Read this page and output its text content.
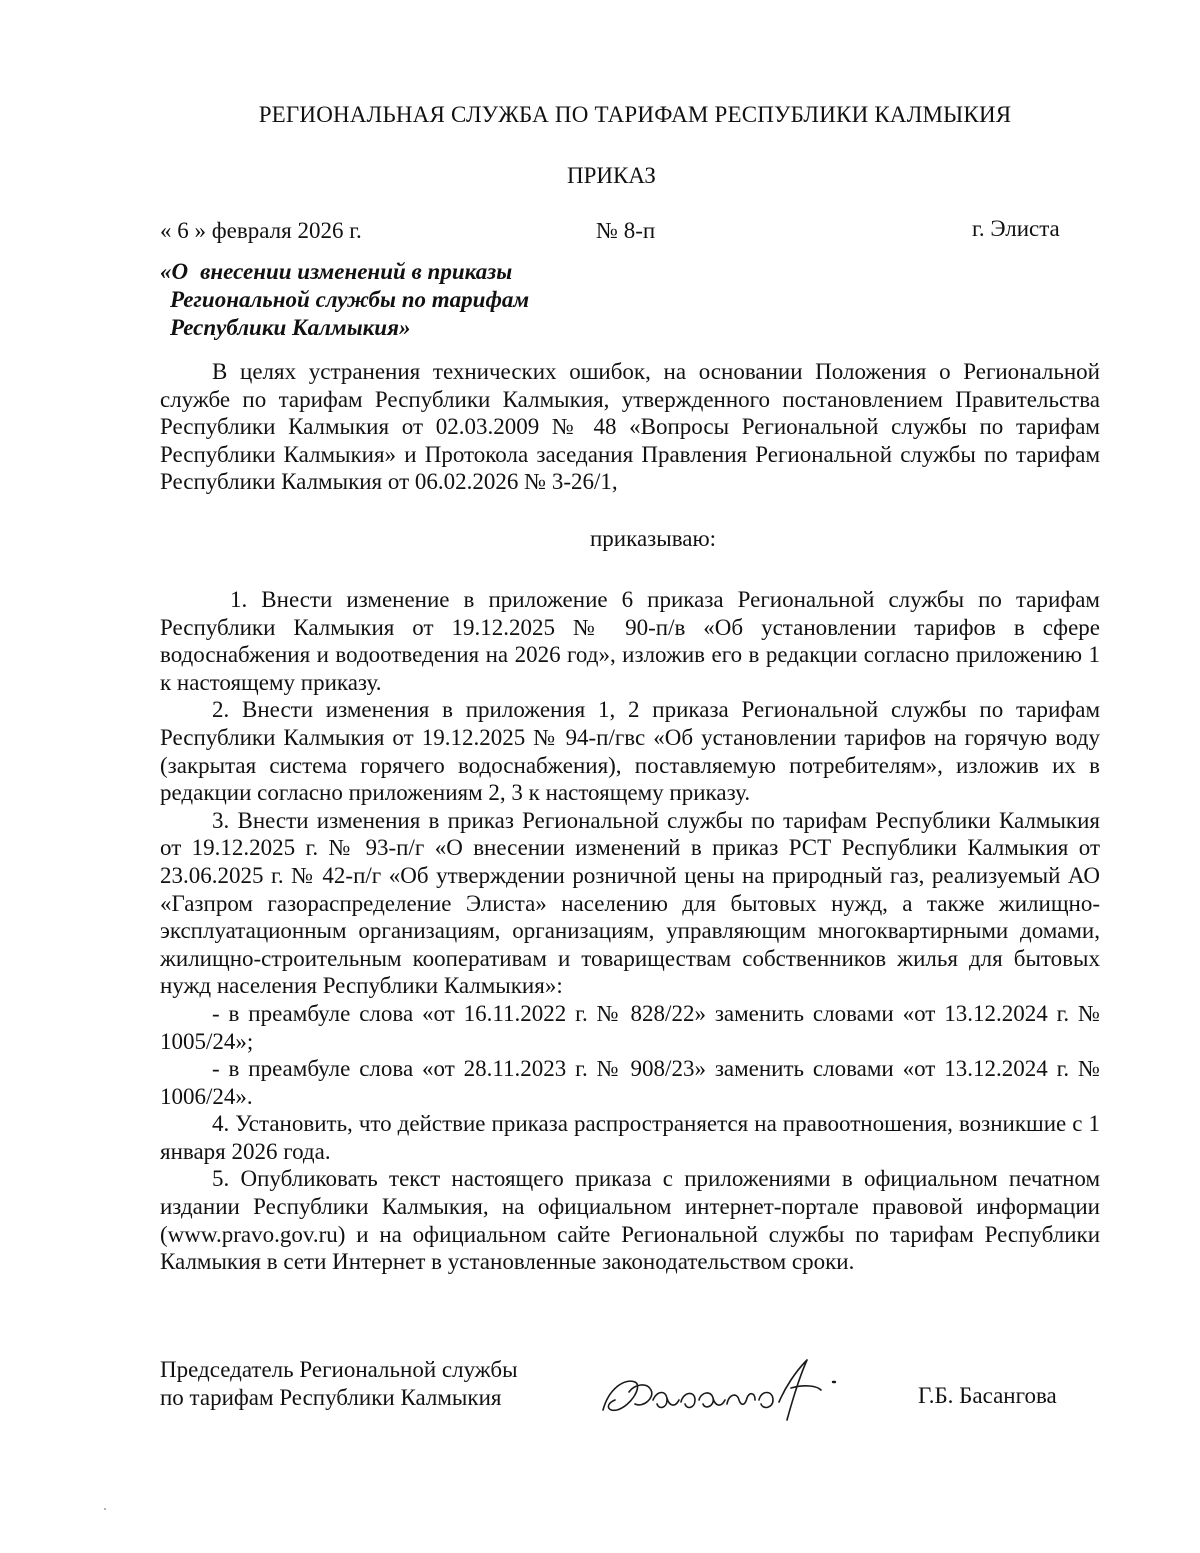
РЕГИОНАЛЬНАЯ СЛУЖБА ПО ТАРИФАМ РЕСПУБЛИКИ КАЛМЫКИЯ
ПРИКАЗ
« 6 » февраля 2026 г.	№ 8-п	г. Элиста
«О внесении изменений в приказы
Региональной службы по тарифам
Республики Калмыкия»

В целях устранения технических ошибок, на основании Положения о Региональной службе по тарифам Республики Калмыкия, утвержденного постановлением Правительства Республики Калмыкия от 02.03.2009 № 48 «Вопросы Региональной службы по тарифам Республики Калмыкия» и Протокола заседания Правления Региональной службы по тарифам Республики Калмыкия от 06.02.2026 № 3-26/1,

приказываю:

1. Внести изменение в приложение 6 приказа Региональной службы по тарифам Республики Калмыкия от 19.12.2025 № 90-п/в «Об установлении тарифов в сфере водоснабжения и водоотведения на 2026 год», изложив его в редакции согласно приложению 1 к настоящему приказу.

2. Внести изменения в приложения 1, 2 приказа Региональной службы по тарифам Республики Калмыкия от 19.12.2025 № 94-п/гвс «Об установлении тарифов на горячую воду (закрытая система горячего водоснабжения), поставляемую потребителям», изложив их в редакции согласно приложениям 2, 3 к настоящему приказу.

3. Внести изменения в приказ Региональной службы по тарифам Республики Калмыкия от 19.12.2025 г. № 93-п/г «О внесении изменений в приказ РСТ Республики Калмыкия от 23.06.2025 г. № 42-п/г «Об утверждении розничной цены на природный газ, реализуемый АО «Газпром газораспределение Элиста» населению для бытовых нужд, а также жилищно-эксплуатационным организациям, организациям, управляющим многоквартирными домами, жилищно-строительным кооперативам и товариществам собственников жилья для бытовых нужд населения Республики Калмыкия»:

- в преамбуле слова «от 16.11.2022 г. № 828/22» заменить словами «от 13.12.2024 г. № 1005/24»;

- в преамбуле слова «от 28.11.2023 г. № 908/23» заменить словами «от 13.12.2024 г. № 1006/24».

4. Установить, что действие приказа распространяется на правоотношения, возникшие с 1 января 2026 года.

5. Опубликовать текст настоящего приказа с приложениями в официальном печатном издании Республики Калмыкия, на официальном интернет-портале правовой информации (www.pravo.gov.ru) и на официальном сайте Региональной службы по тарифам Республики Калмыкия в сети Интернет в установленные законодательством сроки.

Председатель Региональной службы
по тарифам Республики Калмыкия	Г.Б. Басангова
